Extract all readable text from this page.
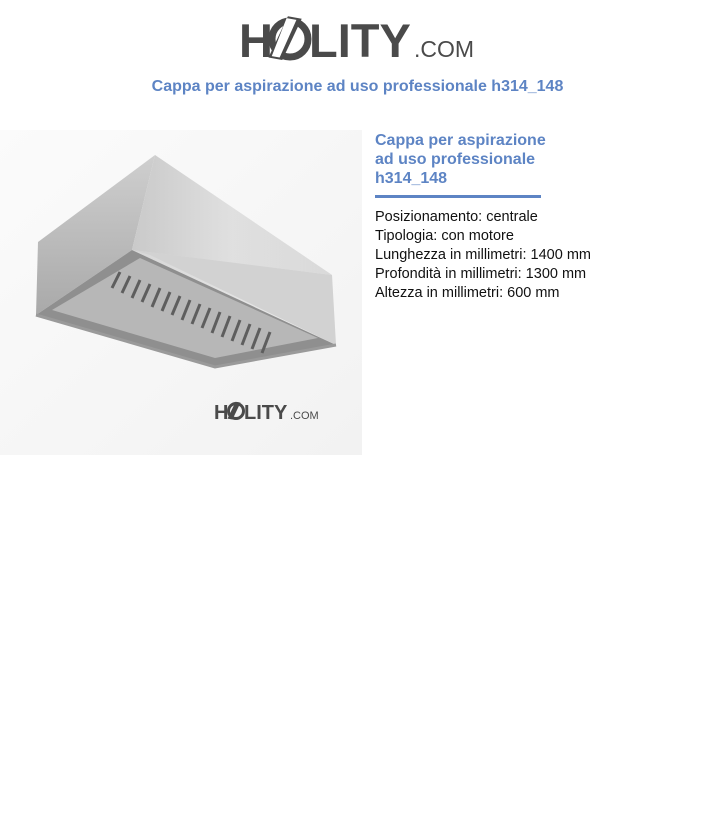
H LITY .COM
Cappa per aspirazione ad uso professionale h314_148
H LITY .COM
Cappa per aspirazione
ad uso professionale
h314_148
Posizionamento: centrale
Tipologia: con motore
Lunghezza in millimetri: 1400 mm
Profondità in millimetri: 1300 mm
Altezza in millimetri: 600 mm
